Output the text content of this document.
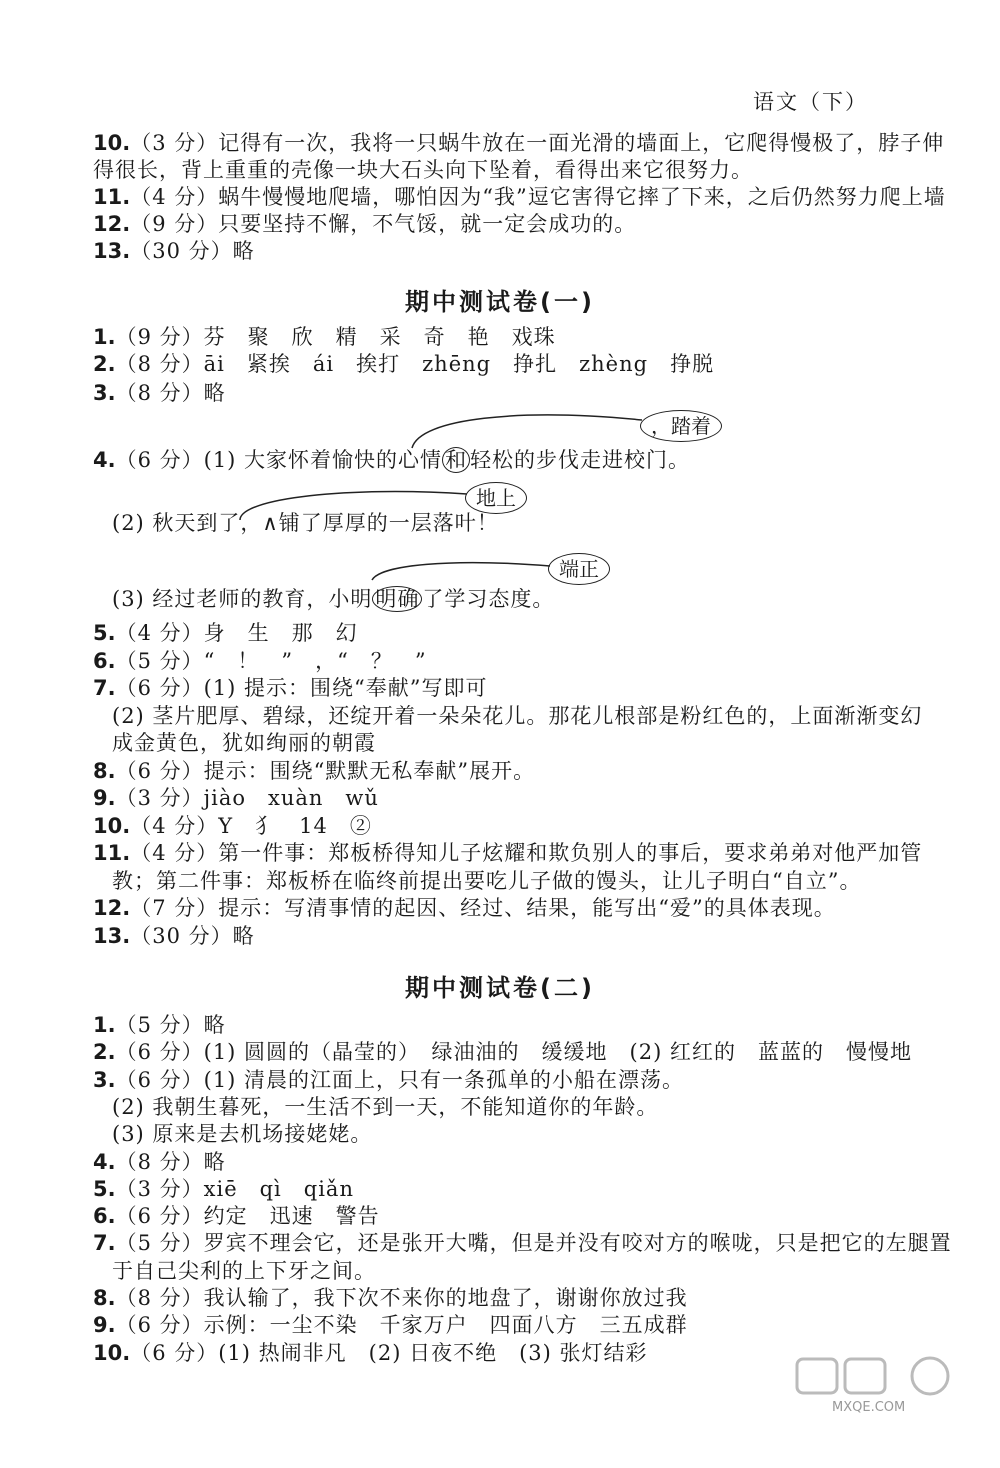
语文（下）
10.（3 分）记得有一次，我将一只蜗牛放在一面光滑的墙面上，它爬得慢极了，脖子伸
得很长，背上重重的壳像一块大石头向下坠着，看得出来它很努力。
11.（4 分）蜗牛慢慢地爬墙，哪怕因为“我”逗它害得它摔了下来，之后仍然努力爬上墙
12.（9 分）只要坚持不懈，不气馁，就一定会成功的。
13.（30 分）略
期中测试卷(一)
1.（9 分）芬　聚　欣　精　采　奇　艳　戏珠
2.（8 分）āi　紧挨　ái　挨打　zhēng　挣扎　zhèng　挣脱
3.（8 分）略
4.（6 分）(1) 大家怀着愉快的心情 和 轻松的步伐走进校门。
，踏着
(2) 秋天到了，∧铺了厚厚的一层落叶！
地上
(3) 经过老师的教育，小明 明确 了学习态度。
端正
5.（4 分）身　生　那　幻
6.（5 分）“　！　”　，“　？　”
7.（6 分）(1) 提示：围绕“奉献”写即可
(2) 茎片肥厚、碧绿，还绽开着一朵朵花儿。那花儿根部是粉红色的，上面渐渐变幻
成金黄色，犹如绚丽的朝霞
8.（6 分）提示：围绕“默默无私奉献”展开。
9.（3 分）jiào　xuàn　wǔ
10.（4 分）Y　犭　14　②
11.（4 分）第一件事：郑板桥得知儿子炫耀和欺负别人的事后，要求弟弟对他严加管
教；第二件事：郑板桥在临终前提出要吃儿子做的馒头，让儿子明白“自立”。
12.（7 分）提示：写清事情的起因、经过、结果，能写出“爱”的具体表现。
13.（30 分）略
期中测试卷(二)
1.（5 分）略
2.（6 分）(1) 圆圆的（晶莹的）　绿油油的　缓缓地　(2) 红红的　蓝蓝的　慢慢地
3.（6 分）(1) 清晨的江面上，只有一条孤单的小船在漂荡。
(2) 我朝生暮死，一生活不到一天，不能知道你的年龄。
(3) 原来是去机场接姥姥。
4.（8 分）略
5.（3 分）xiē　qì　qiǎn
6.（6 分）约定　迅速　警告
7.（5 分）罗宾不理会它，还是张开大嘴，但是并没有咬对方的喉咙，只是把它的左腿置
于自己尖利的上下牙之间。
8.（8 分）我认输了，我下次不来你的地盘了，谢谢你放过我
9.（6 分）示例：一尘不染　千家万户　四面八方　三五成群
10.（6 分）(1) 热闹非凡　(2) 日夜不绝　(3) 张灯结彩
MXQE.COM
